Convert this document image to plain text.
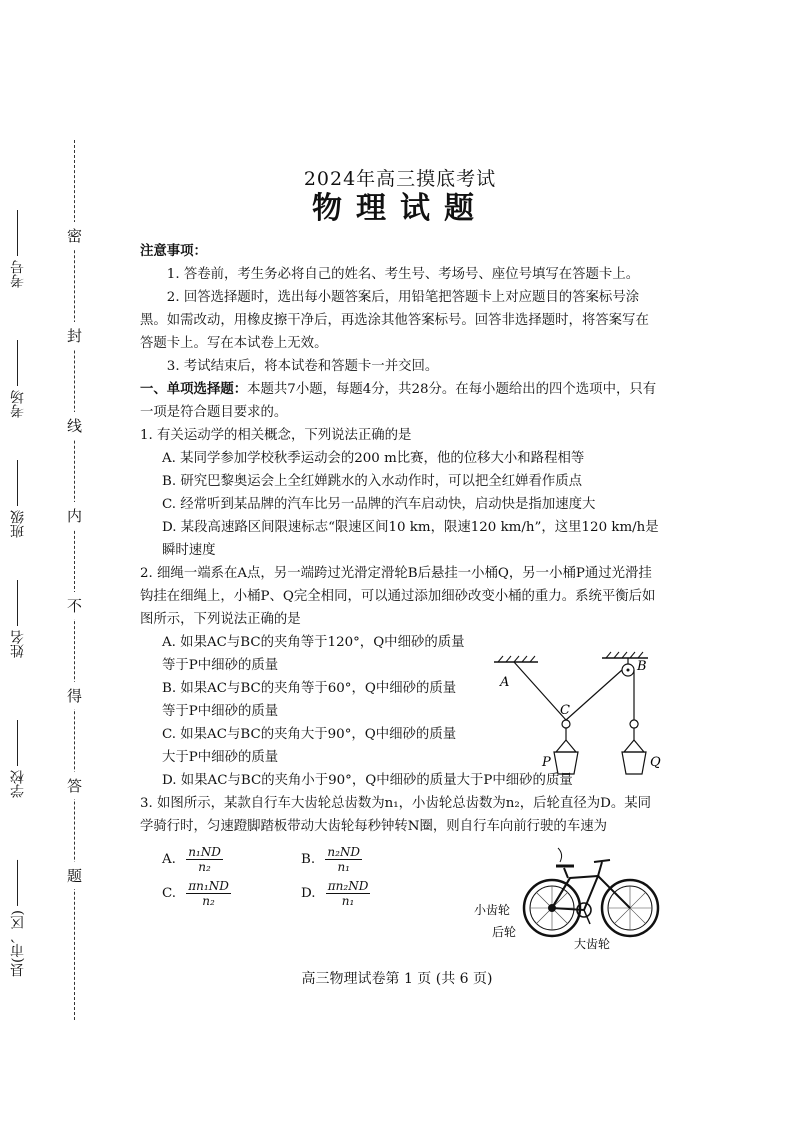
密
封
线
内
不
得
答
题
考号
考场
班级
姓名
学校
县(市、区)
2024年高三摸底考试
物理试题
注意事项：
1. 答卷前，考生务必将自己的姓名、考生号、考场号、座位号填写在答题卡上。
2. 回答选择题时，选出每小题答案后，用铅笔把答题卡上对应题目的答案标号涂黑。如需改动，用橡皮擦干净后，再选涂其他答案标号。回答非选择题时，将答案写在答题卡上。写在本试卷上无效。
3. 考试结束后，将本试卷和答题卡一并交回。
一、单项选择题：本题共7小题，每题4分，共28分。在每小题给出的四个选项中，只有一项是符合题目要求的。
1. 有关运动学的相关概念，下列说法正确的是
A. 某同学参加学校秋季运动会的200 m比赛，他的位移大小和路程相等
B. 研究巴黎奥运会上全红婵跳水的入水动作时，可以把全红婵看作质点
C. 经常听到某品牌的汽车比另一品牌的汽车启动快，启动快是指加速度大
D. 某段高速路区间限速标志“限速区间10 km，限速120 km/h”，这里120 km/h是瞬时速度
2. 细绳一端系在A点，另一端跨过光滑定滑轮B后悬挂一小桶Q，另一小桶P通过光滑挂钩挂在细绳上，小桶P、Q完全相同，可以通过添加细砂改变小桶的重力。系统平衡后如图所示，下列说法正确的是
A. 如果AC与BC的夹角等于120°，Q中细砂的质量等于P中细砂的质量
B. 如果AC与BC的夹角等于60°，Q中细砂的质量等于P中细砂的质量
C. 如果AC与BC的夹角大于90°，Q中细砂的质量大于P中细砂的质量
D. 如果AC与BC的夹角小于90°，Q中细砂的质量大于P中细砂的质量
3. 如图所示，某款自行车大齿轮总齿数为n₁，小齿轮总齿数为n₂，后轮直径为D。某同学骑行时，匀速蹬脚踏板带动大齿轮每秒钟转N圈，则自行车向前行驶的车速为
A. $\frac{\text{n₁ND}}{\text{n₂}}$	B. $\frac{\text{n₂ND}}{\text{n₁}}$
C. $\frac{\text{πn₁ND}}{\text{n₂}}$	D. $\frac{\text{πn₂ND}}{\text{n₁}}$
A
B
C
P	Q
小齿轮
后轮
大齿轮
高三物理试卷第 1 页 (共 6 页)
